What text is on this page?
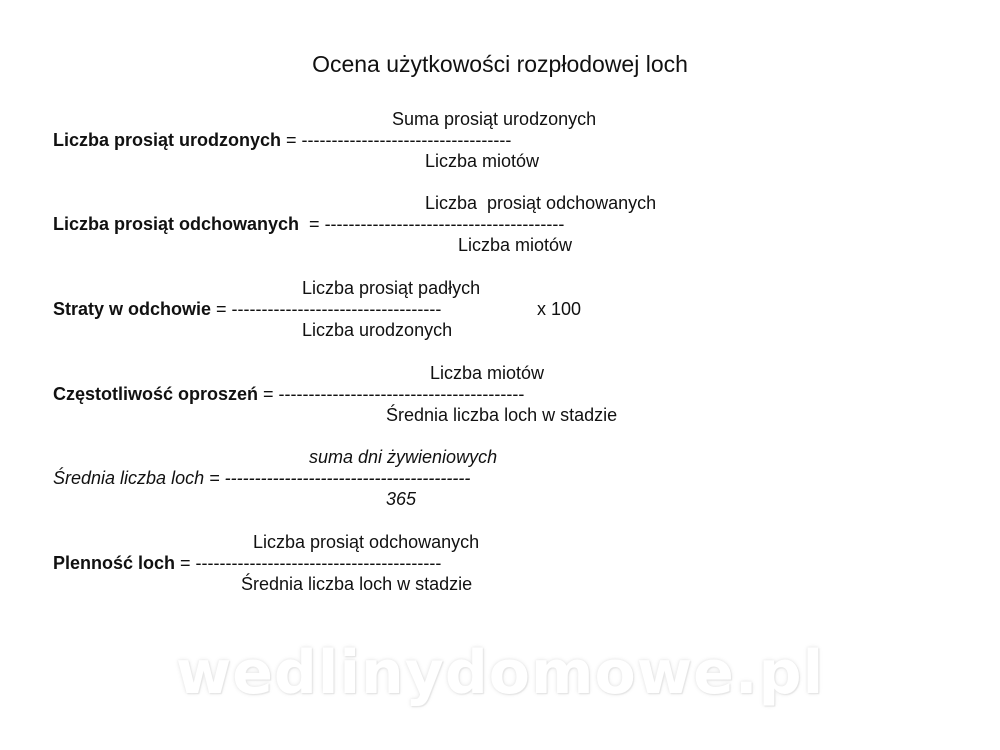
Ocena użytkowości rozpłodowej loch
Suma prosiąt urodzonych
Liczba prosiąt urodzonych = -----------------------------------
Liczba miotów
Liczba  prosiąt odchowanych
Liczba prosiąt odchowanych  = ----------------------------------------
Liczba miotów
Liczba prosiąt padłych
Straty w odchowie = -----------------------------------	x 100
Liczba urodzonych
Liczba miotów
Częstotliwość oproszeń = -----------------------------------------
Średnia liczba loch w stadzie
suma dni żywieniowych
Średnia liczba loch = -----------------------------------------
365
Liczba prosiąt odchowanych
Plenność loch = -----------------------------------------
Średnia liczba loch w stadzie
wedlinydomowe.pl
